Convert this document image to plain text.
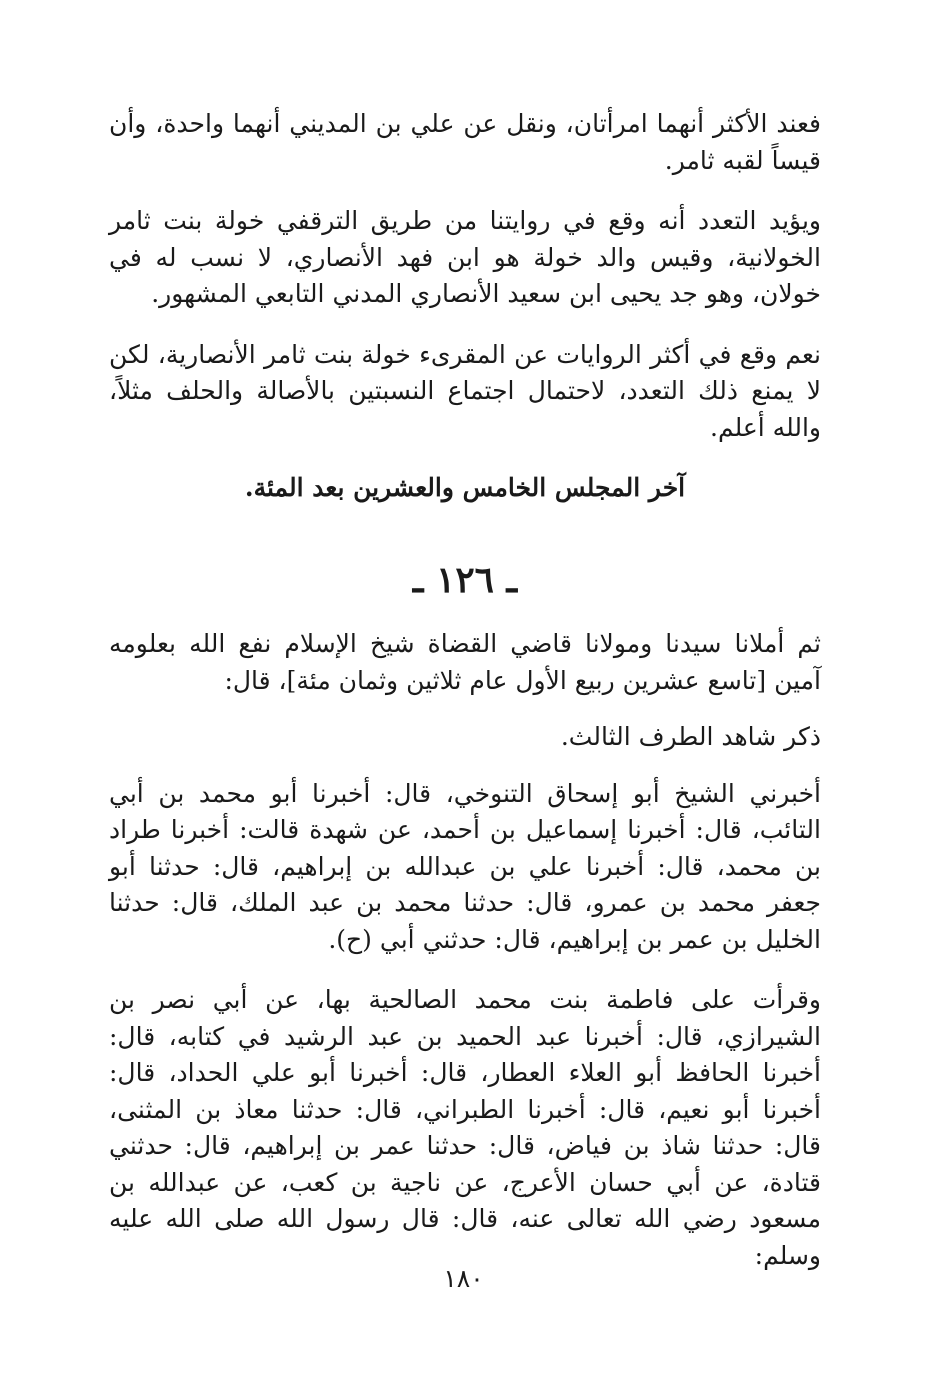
فعند الأكثر أنهما امرأتان، ونقل عن علي بن المديني أنهما واحدة، وأن قيساً لقبه ثامر.

ويؤيد التعدد أنه وقع في روايتنا من طريق الترقفي خولة بنت ثامر الخولانية، وقيس والد خولة هو ابن فهد الأنصاري، لا نسب له في خولان، وهو جد يحيى ابن سعيد الأنصاري المدني التابعي المشهور.

نعم وقع في أكثر الروايات عن المقرىء خولة بنت ثامر الأنصارية، لكن لا يمنع ذلك التعدد، لاحتمال اجتماع النسبتين بالأصالة والحلف مثلاً، والله أعلم.

آخر المجلس الخامس والعشرين بعد المئة.

ـ ١٢٦ ـ

ثم أملانا سيدنا ومولانا قاضي القضاة شيخ الإسلام نفع الله بعلومه آمين [تاسع عشرين ربيع الأول عام ثلاثين وثمان مئة]، قال:

ذكر شاهد الطرف الثالث.

أخبرني الشيخ أبو إسحاق التنوخي، قال: أخبرنا أبو محمد بن أبي التائب، قال: أخبرنا إسماعيل بن أحمد، عن شهدة قالت: أخبرنا طراد بن محمد، قال: أخبرنا علي بن عبدالله بن إبراهيم، قال: حدثنا أبو جعفر محمد بن عمرو، قال: حدثنا محمد بن عبد الملك، قال: حدثنا الخليل بن عمر بن إبراهيم، قال: حدثني أبي (ح).

وقرأت على فاطمة بنت محمد الصالحية بها، عن أبي نصر بن الشيرازي، قال: أخبرنا عبد الحميد بن عبد الرشيد في كتابه، قال: أخبرنا الحافظ أبو العلاء العطار، قال: أخبرنا أبو علي الحداد، قال: أخبرنا أبو نعيم، قال: أخبرنا الطبراني، قال: حدثنا معاذ بن المثنى، قال: حدثنا شاذ بن فياض، قال: حدثنا عمر بن إبراهيم، قال: حدثني قتادة، عن أبي حسان الأعرج، عن ناجية بن كعب، عن عبدالله بن مسعود رضي الله تعالى عنه، قال: قال رسول الله صلى الله عليه وسلم:

١٨٠
